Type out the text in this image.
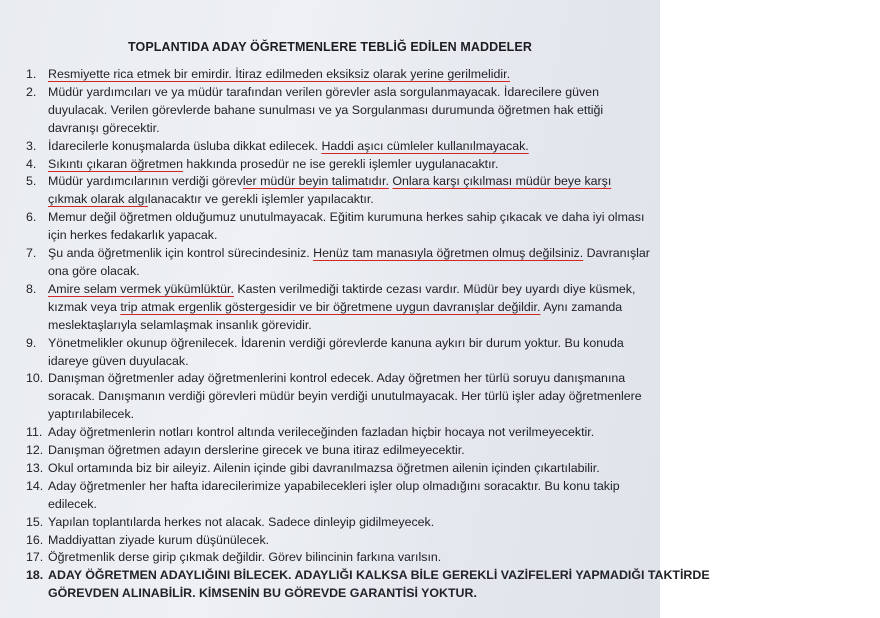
TOPLANTIDA ADAY ÖĞRETMENLERE TEBLİĞ EDİLEN MADDELER
1. Resmiyette rica etmek bir emirdir. İtiraz edilmeden eksiksiz olarak yerine gerilmelidir.
2. Müdür yardımcıları ve ya müdür tarafından verilen görevler asla sorgulanmayacak. İdarecilere güven
duyulacak. Verilen görevlerde bahane sunulması ve ya Sorgulanması durumunda öğretmen hak ettiği
davranışı görecektir.
3. İdarecilerle konuşmalarda üsluba dikkat edilecek. Haddi aşıcı cümleler kullanılmayacak.
4. Sıkıntı çıkaran öğretmen hakkında prosedür ne ise gerekli işlemler uygulanacaktır.
5. Müdür yardımcılarının verdiği görevler müdür beyin talimatıdır. Onlara karşı çıkılması müdür beye karşı
çıkmak olarak algılanacaktır ve gerekli işlemler yapılacaktır.
6. Memur değil öğretmen olduğumuz unutulmayacak. Eğitim kurumuna herkes sahip çıkacak ve daha iyi olması
için herkes fedakarlık yapacak.
7. Şu anda öğretmenlik için kontrol sürecindesiniz. Henüz tam manasıyla öğretmen olmuş değilsiniz. Davranışlar
ona göre olacak.
8. Amire selam vermek yükümlüktür. Kasten verilmediği taktirde cezası vardır. Müdür bey uyardı diye küsmek,
kızmak veya trip atmak ergenlik göstergesidir ve bir öğretmene uygun davranışlar değildir. Aynı zamanda
meslektaşlarıyla selamlaşmak insanlık görevidir.
9. Yönetmelikler okunup öğrenilecek. İdarenin verdiği görevlerde kanuna aykırı bir durum yoktur. Bu konuda
idareye güven duyulacak.
10. Danışman öğretmenler aday öğretmenlerini kontrol edecek. Aday öğretmen her türlü soruyu danışmanına
soracak. Danışmanın verdiği görevleri müdür beyin verdiği unutulmayacak. Her türlü işler aday öğretmenlere
yaptırılabilecek.
11. Aday öğretmenlerin notları kontrol altında verileceğinden fazladan hiçbir hocaya not verilmeyecektir.
12. Danışman öğretmen adayın derslerine girecek ve buna itiraz edilmeyecektir.
13. Okul ortamında biz bir aileyiz. Ailenin içinde gibi davranılmazsa öğretmen ailenin içinden çıkartılabilir.
14. Aday öğretmenler her hafta idarecilerimize yapabilecekleri işler olup olmadığını soracaktır. Bu konu takip
edilecek.
15. Yapılan toplantılarda herkes not alacak. Sadece dinleyip gidilmeyecek.
16. Maddiyattan ziyade kurum düşünülecek.
17. Öğretmenlik derse girip çıkmak değildir. Görev bilincinin farkına varılsın.
18. ADAY ÖĞRETMEN ADAYLIĞINI BİLECEK. ADAYLIĞI KALKSA BİLE GEREKLİ VAZİFELERİ YAPMADIĞI TAKTİRDE
GÖREVDEN ALINABİLİR. KİMSENİN BU GÖREVDE GARANTİSİ YOKTUR.
